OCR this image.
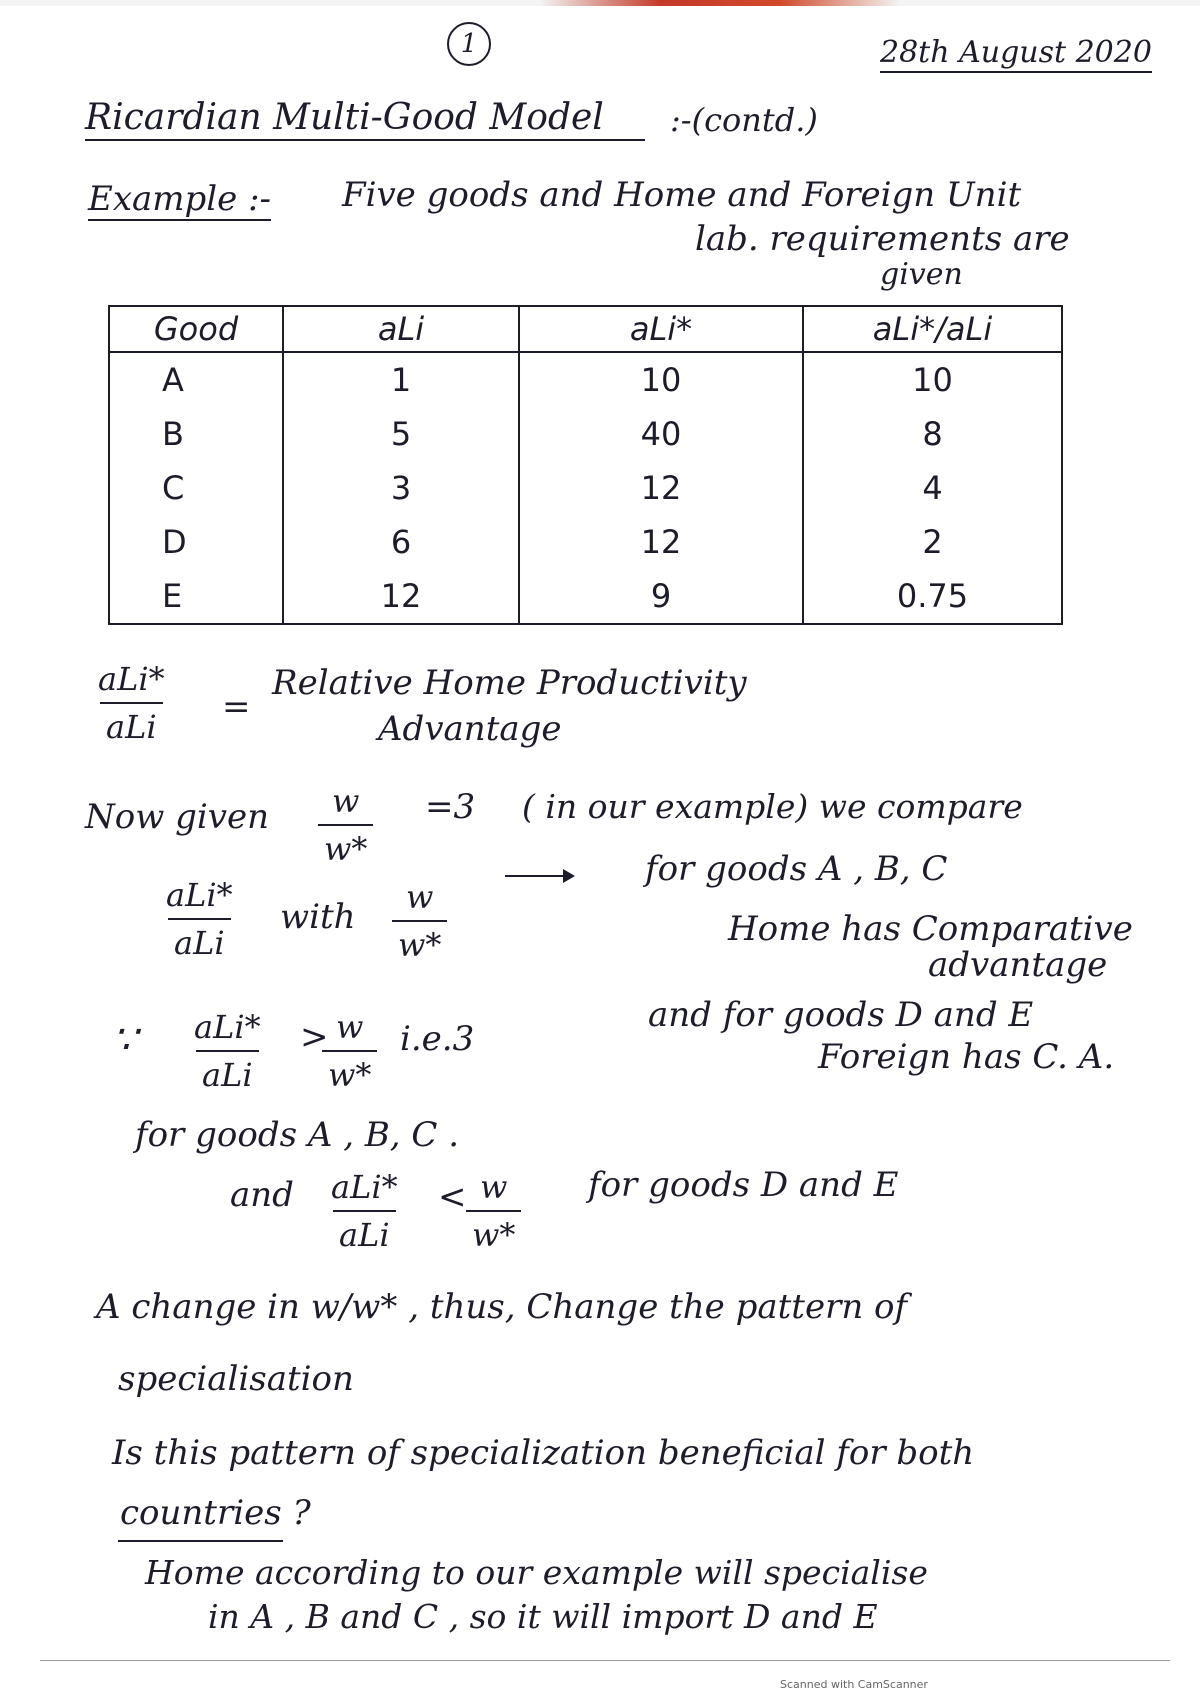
1	28th August 2020
Ricardian Multi-Good Model	:-(contd.)
Example :- Five goods and Home and Foreign Unit
lab. requirements are
given
Good	aLi	aLi*	aLi*/aLi
A	1	10	10
B	5	40	8
C	3	12	4
D	6	12	2
E	12	9	0.75
aLi*
aLi =
Relative Home Productivity
Advantage
Now given $\frac{w}{w*} =3$ ( in our example) we compare
aLi*
aLi
with $\frac{w}{w*}$
for goods A , B, C
Home has Comparative
advantage
and for goods D and E
Foreign has C. A.
∵ aLi*
aLi
>
$\frac{w}{w*} i.e.3$
for goods A , B, C .
and aLi*
aLi
< $\frac{w}{w*}$ for goods D and E
A change in w/w* , thus, Change the pattern of
specialisation
Is this pattern of specialization beneficial for both
countries ?
Home according to our example will specialise
in A , B and C , so it will import D and E
Scanned with CamScanner
